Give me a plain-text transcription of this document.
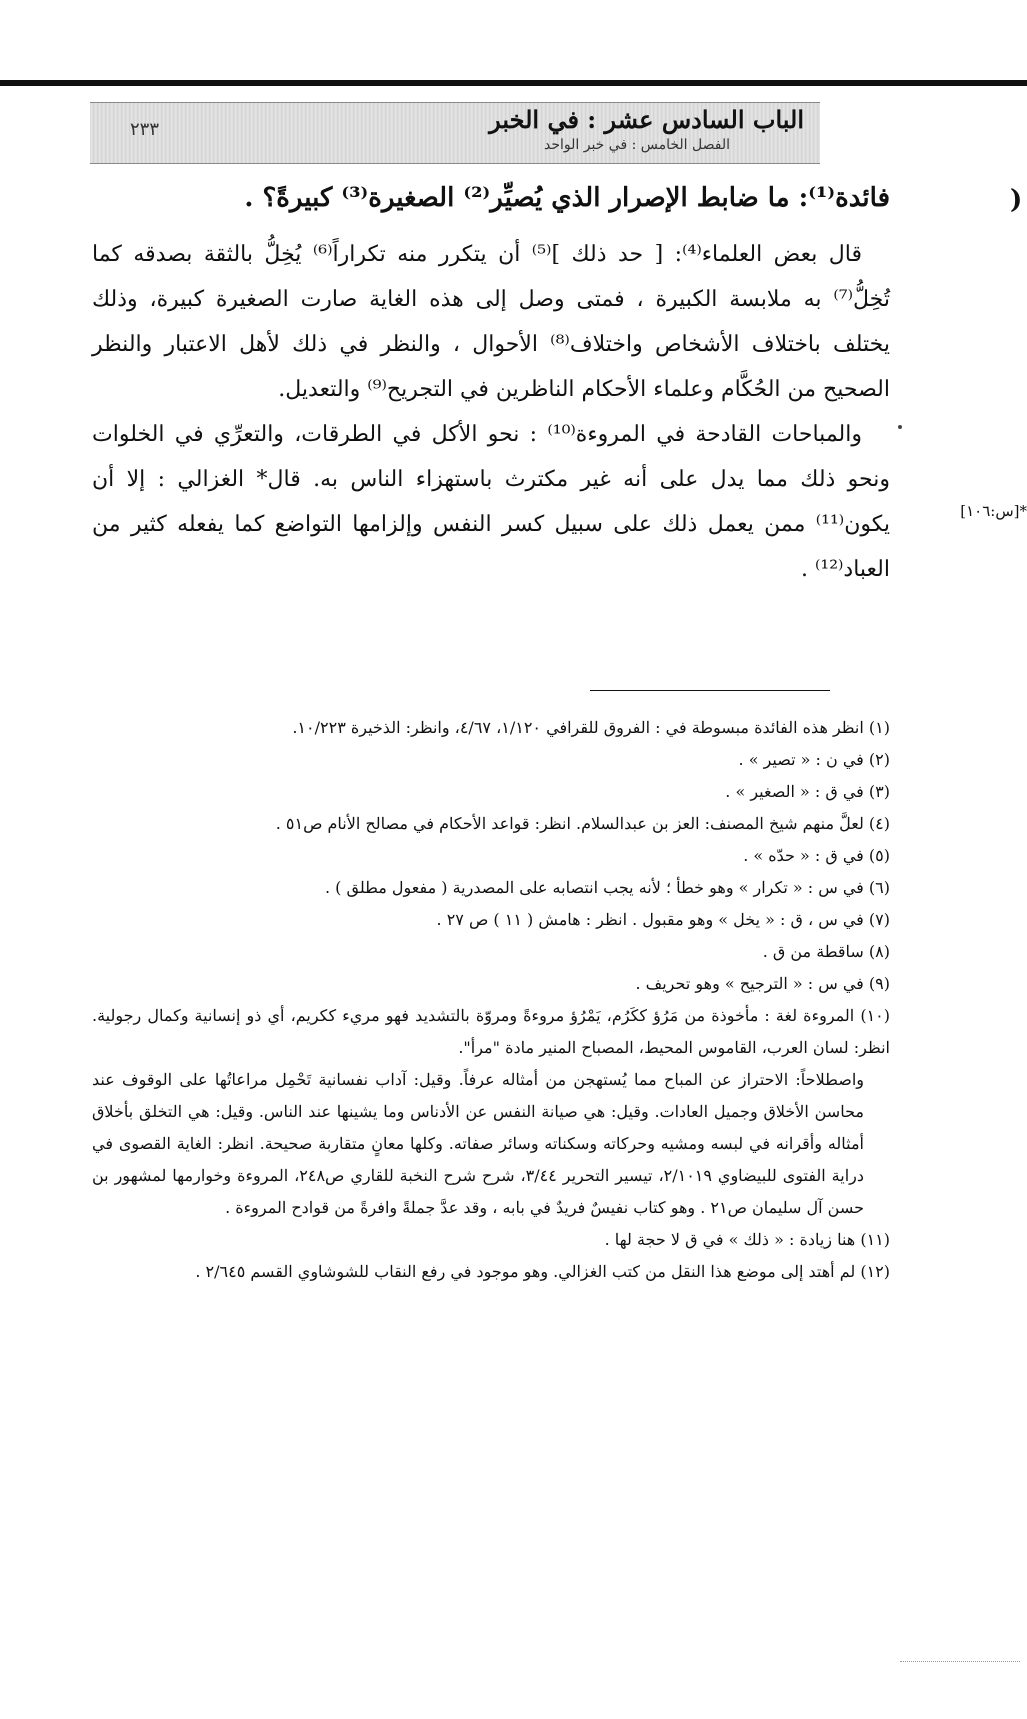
الباب السادس عشر : في الخبر
الفصل الخامس : في خبر الواحد
٢٣٣
)
فائدة⁽¹⁾: ما ضابط الإصرار الذي يُصيِّر⁽²⁾ الصغيرة⁽³⁾ كبيرةً؟ .

قال بعض العلماء⁽⁴⁾: [ حد ذلك ]⁽⁵⁾ أن يتكرر منه تكراراً⁽⁶⁾ يُخِلُّ بالثقة بصدقه كما تُخِلُّ⁽⁷⁾ به ملابسة الكبيرة ، فمتى وصل إلى هذه الغاية صارت الصغيرة كبيرة، وذلك يختلف باختلاف الأشخاص واختلاف⁽⁸⁾ الأحوال ، والنظر في ذلك لأهل الاعتبار والنظر الصحيح من الحُكَّام وعلماء الأحكام الناظرين في التجريح⁽⁹⁾ والتعديل.

والمباحات القادحة في المروءة⁽¹⁰⁾ : نحو الأكل في الطرقات، والتعرِّي في الخلوات ونحو ذلك مما يدل على أنه غير مكترث باستهزاء الناس به. قال* الغزالي : إلا أن يكون⁽¹¹⁾ ممن يعمل ذلك على سبيل كسر النفس وإلزامها التواضع كما يفعله كثير من العباد⁽¹²⁾ .

*[س:١٠٦]

(١) انظر هذه الفائدة مبسوطة في : الفروق للقرافي ١/١٢٠، ٤/٦٧، وانظر: الذخيرة ١٠/٢٢٣.

(٢) في ن : « تصير » .

(٣) في ق : « الصغير » .

(٤) لعلَّ منهم شيخ المصنف: العز بن عبدالسلام. انظر: قواعد الأحكام في مصالح الأنام ص٥١ .

(٥) في ق : « حدّه » .

(٦) في س : « تكرار » وهو خطأ ؛ لأنه يجب انتصابه على المصدرية ( مفعول مطلق ) .

(٧) في س ، ق : « يخل » وهو مقبول . انظر : هامش ( ١١ ) ص ٢٧ .

(٨) ساقطة من ق .

(٩) في س : « الترجيح » وهو تحريف .

(١٠) المروءة لغة : مأخوذة من مَرُؤ ككَرُم، يَمْرُؤ مروءةً ومروّة بالتشديد فهو مريء ككريم، أي ذو إنسانية وكمال رجولية. انظر: لسان العرب، القاموس المحيط، المصباح المنير مادة "مرأ".

واصطلاحاً: الاحتراز عن المباح مما يُستهجن من أمثاله عرفاً. وقيل: آداب نفسانية تَحْمِل مراعاتُها على الوقوف عند محاسن الأخلاق وجميل العادات. وقيل: هي صيانة النفس عن الأدناس وما يشينها عند الناس. وقيل: هي التخلق بأخلاق أمثاله وأقرانه في لبسه ومشيه وحركاته وسكناته وسائر صفاته. وكلها معانٍ متقاربة صحيحة. انظر: الغاية القصوى في دراية الفتوى للبيضاوي ٢/١٠١٩، تيسير التحرير ٣/٤٤، شرح شرح النخبة للقاري ص٢٤٨، المروءة وخوارمها لمشهور بن حسن آل سليمان ص٢١ . وهو كتاب نفيسٌ فريدٌ في بابه ، وقد عدَّ جملةً وافرةً من قوادح المروءة .

(١١) هنا زيادة : « ذلك » في ق لا حجة لها .

(١٢) لم أهتد إلى موضع هذا النقل من كتب الغزالي. وهو موجود في رفع النقاب للشوشاوي القسم ٢/٦٤٥ .
